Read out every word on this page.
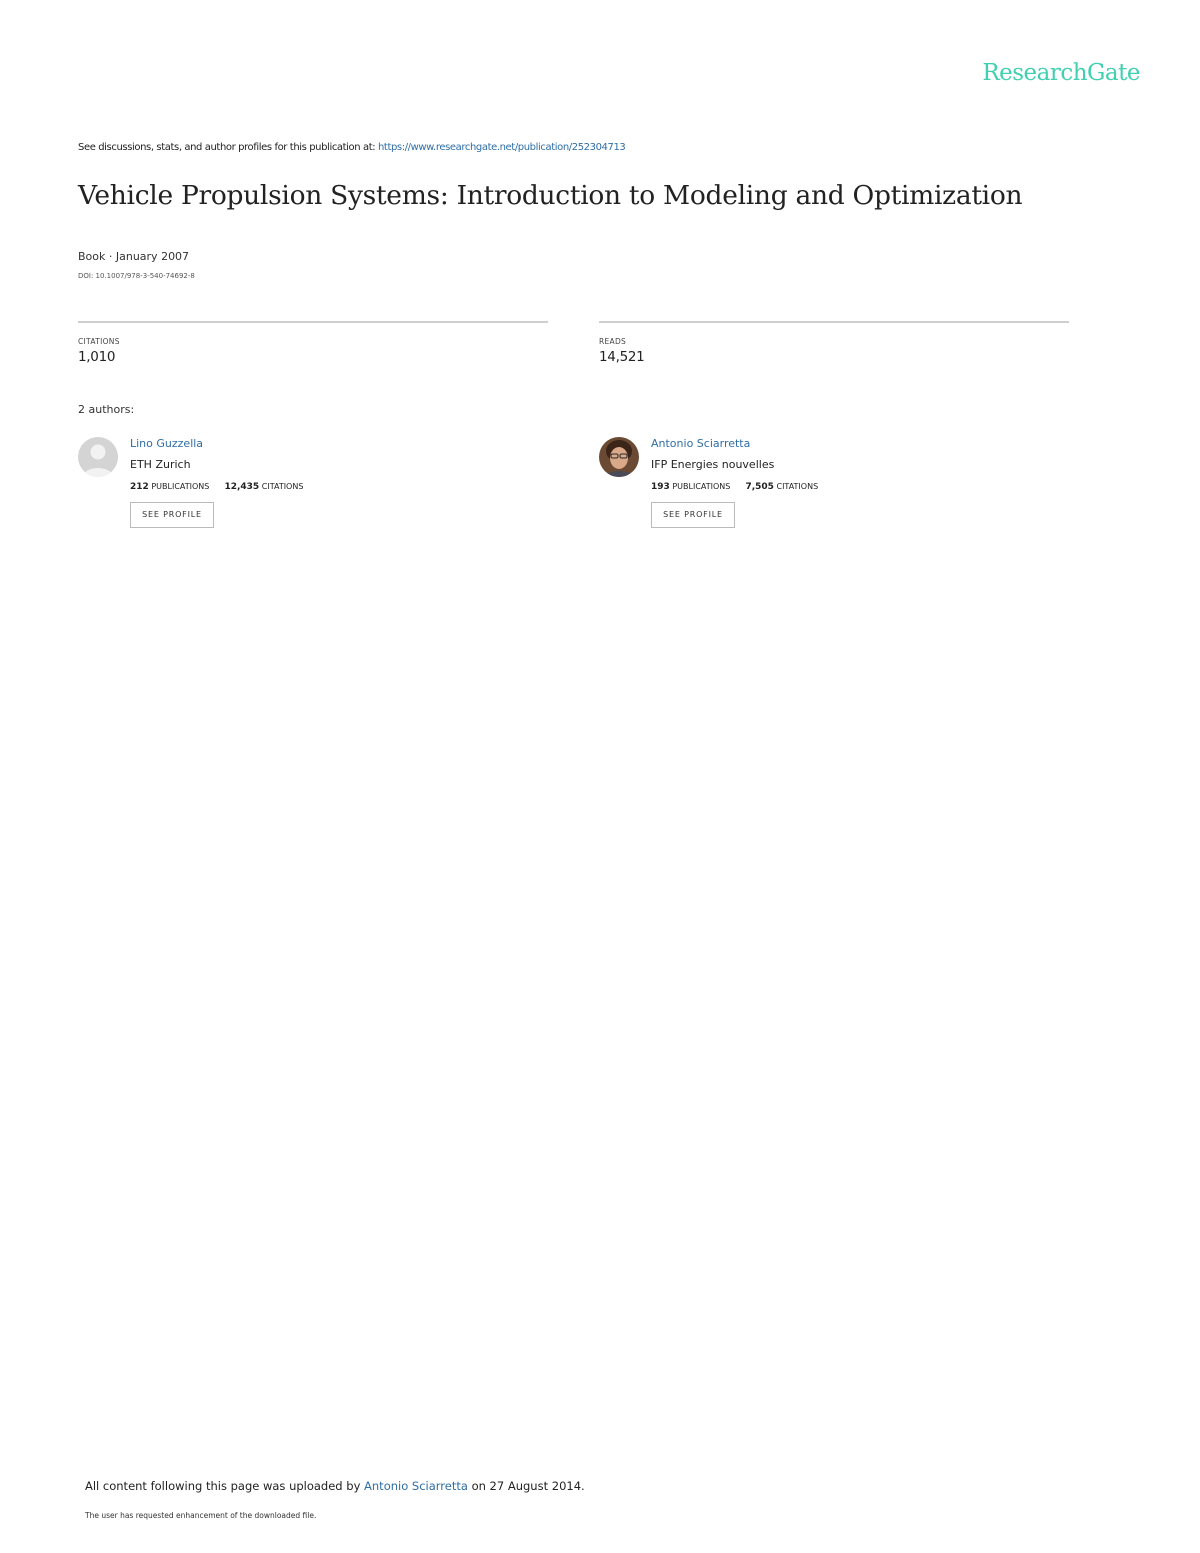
ResearchGate
See discussions, stats, and author profiles for this publication at: https://www.researchgate.net/publication/252304713
Vehicle Propulsion Systems: Introduction to Modeling and Optimization
Book · January 2007
DOI: 10.1007/978-3-540-74692-8
CITATIONS
1,010
READS
14,521
2 authors:
Lino Guzzella
ETH Zurich
212 PUBLICATIONS 12,435 CITATIONS
SEE PROFILE
Antonio Sciarretta
IFP Energies nouvelles
193 PUBLICATIONS 7,505 CITATIONS
SEE PROFILE
All content following this page was uploaded by Antonio Sciarretta on 27 August 2014.
The user has requested enhancement of the downloaded file.
